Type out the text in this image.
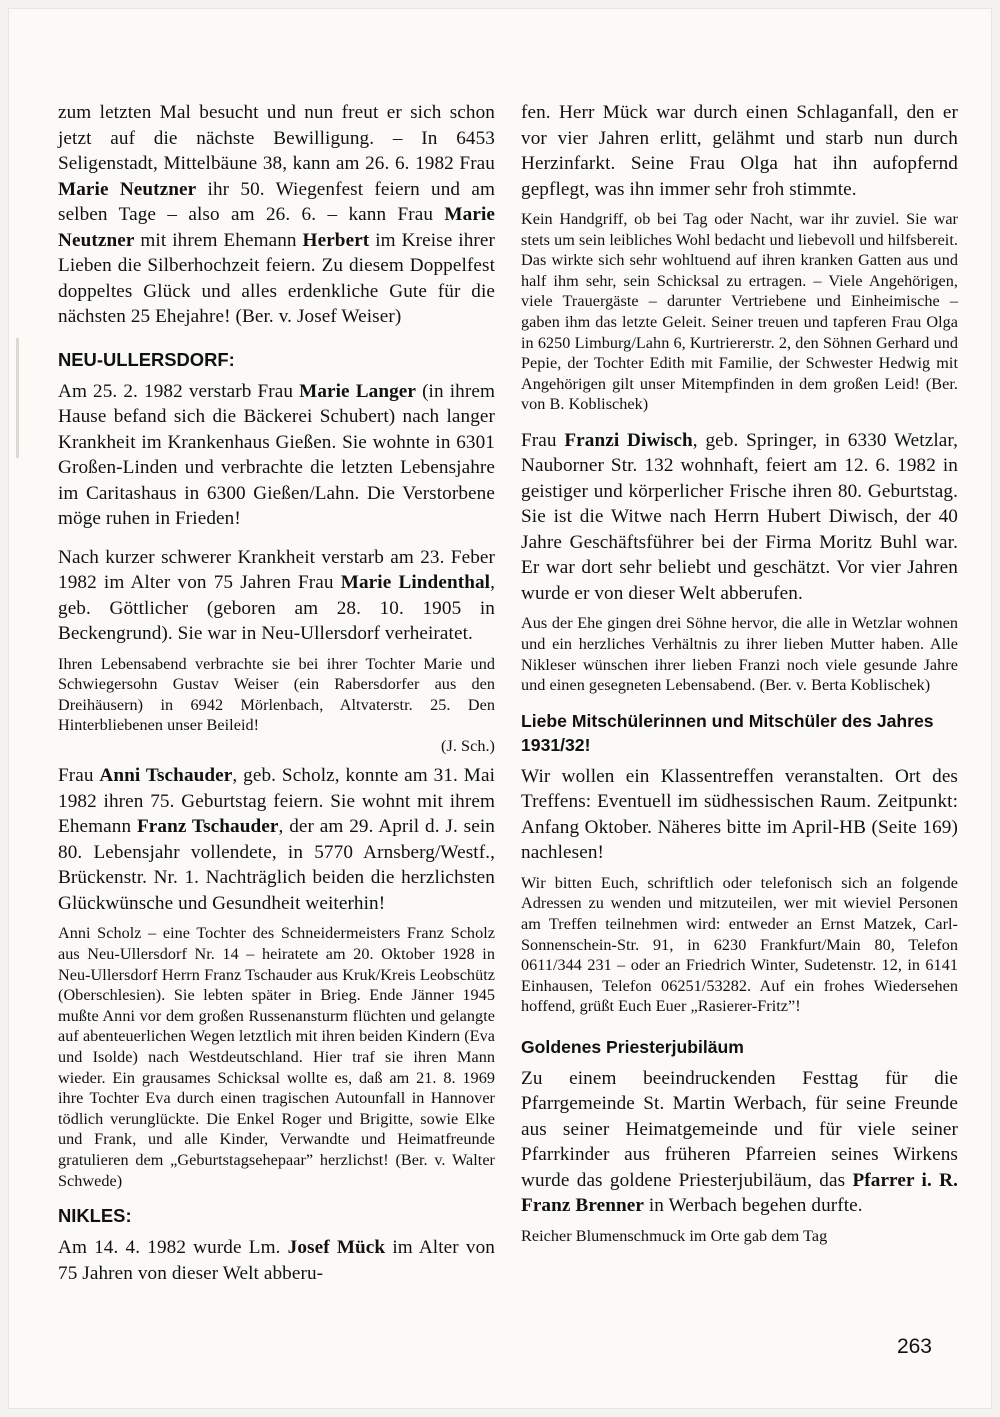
zum letzten Mal besucht und nun freut er sich schon jetzt auf die nächste Bewilligung. – In 6453 Seligenstadt, Mittelbäune 38, kann am 26. 6. 1982 Frau Marie Neutzner ihr 50. Wiegenfest feiern und am selben Tage – also am 26. 6. – kann Frau Marie Neutzner mit ihrem Ehemann Herbert im Kreise ihrer Lieben die Silberhochzeit feiern. Zu diesem Doppelfest doppeltes Glück und alles erdenkliche Gute für die nächsten 25 Ehejahre! (Ber. v. Josef Weiser)

NEU-ULLERSDORF:

Am 25. 2. 1982 verstarb Frau Marie Langer (in ihrem Hause befand sich die Bäckerei Schubert) nach langer Krankheit im Krankenhaus Gießen. Sie wohnte in 6301 Großen-Linden und verbrachte die letzten Lebensjahre im Caritashaus in 6300 Gießen/Lahn. Die Verstorbene möge ruhen in Frieden!

Nach kurzer schwerer Krankheit verstarb am 23. Feber 1982 im Alter von 75 Jahren Frau Marie Lindenthal, geb. Göttlicher (geboren am 28. 10. 1905 in Beckengrund). Sie war in Neu-Ullersdorf verheiratet.

Ihren Lebensabend verbrachte sie bei ihrer Tochter Marie und Schwiegersohn Gustav Weiser (ein Rabersdorfer aus den Dreihäusern) in 6942 Mörlenbach, Altvaterstr. 25. Den Hinterbliebenen unser Beileid!

(J. Sch.)

Frau Anni Tschauder, geb. Scholz, konnte am 31. Mai 1982 ihren 75. Geburtstag feiern. Sie wohnt mit ihrem Ehemann Franz Tschauder, der am 29. April d. J. sein 80. Lebensjahr vollendete, in 5770 Arnsberg/Westf., Brückenstr. Nr. 1. Nachträglich beiden die herzlichsten Glückwünsche und Gesundheit weiterhin!

Anni Scholz – eine Tochter des Schneidermeisters Franz Scholz aus Neu-Ullersdorf Nr. 14 – heiratete am 20. Oktober 1928 in Neu-Ullersdorf Herrn Franz Tschauder aus Kruk/Kreis Leobschütz (Oberschlesien). Sie lebten später in Brieg. Ende Jänner 1945 mußte Anni vor dem großen Russenansturm flüchten und gelangte auf abenteuerlichen Wegen letztlich mit ihren beiden Kindern (Eva und Isolde) nach Westdeutschland. Hier traf sie ihren Mann wieder. Ein grausames Schicksal wollte es, daß am 21. 8. 1969 ihre Tochter Eva durch einen tragischen Autounfall in Hannover tödlich verunglückte. Die Enkel Roger und Brigitte, sowie Elke und Frank, und alle Kinder, Verwandte und Heimatfreunde gratulieren dem „Geburtstagsehepaar” herzlichst! (Ber. v. Walter Schwede)

NIKLES:

Am 14. 4. 1982 wurde Lm. Josef Mück im Alter von 75 Jahren von dieser Welt abberu-

fen. Herr Mück war durch einen Schlaganfall, den er vor vier Jahren erlitt, gelähmt und starb nun durch Herzinfarkt. Seine Frau Olga hat ihn aufopfernd gepflegt, was ihn immer sehr froh stimmte.

Kein Handgriff, ob bei Tag oder Nacht, war ihr zuviel. Sie war stets um sein leibliches Wohl bedacht und liebevoll und hilfsbereit. Das wirkte sich sehr wohltuend auf ihren kranken Gatten aus und half ihm sehr, sein Schicksal zu ertragen. – Viele Angehörigen, viele Trauergäste – darunter Vertriebene und Einheimische – gaben ihm das letzte Geleit. Seiner treuen und tapferen Frau Olga in 6250 Limburg/Lahn 6, Kurtriererstr. 2, den Söhnen Gerhard und Pepie, der Tochter Edith mit Familie, der Schwester Hedwig mit Angehörigen gilt unser Mitempfinden in dem großen Leid! (Ber. von B. Koblischek)

Frau Franzi Diwisch, geb. Springer, in 6330 Wetzlar, Nauborner Str. 132 wohnhaft, feiert am 12. 6. 1982 in geistiger und körperlicher Frische ihren 80. Geburtstag. Sie ist die Witwe nach Herrn Hubert Diwisch, der 40 Jahre Geschäftsführer bei der Firma Moritz Buhl war. Er war dort sehr beliebt und geschätzt. Vor vier Jahren wurde er von dieser Welt abberufen.

Aus der Ehe gingen drei Söhne hervor, die alle in Wetzlar wohnen und ein herzliches Verhältnis zu ihrer lieben Mutter haben. Alle Nikleser wünschen ihrer lieben Franzi noch viele gesunde Jahre und einen gesegneten Lebensabend. (Ber. v. Berta Koblischek)

Liebe Mitschülerinnen und Mitschüler des Jahres 1931/32!

Wir wollen ein Klassentreffen veranstalten. Ort des Treffens: Eventuell im südhessischen Raum. Zeitpunkt: Anfang Oktober. Näheres bitte im April-HB (Seite 169) nachlesen!

Wir bitten Euch, schriftlich oder telefonisch sich an folgende Adressen zu wenden und mitzuteilen, wer mit wieviel Personen am Treffen teilnehmen wird: entweder an Ernst Matzek, Carl-Sonnenschein-Str. 91, in 6230 Frankfurt/Main 80, Telefon 0611/344 231 – oder an Friedrich Winter, Sudetenstr. 12, in 6141 Einhausen, Telefon 06251/53282. Auf ein frohes Wiedersehen hoffend, grüßt Euch Euer „Rasierer-Fritz”!

Goldenes Priesterjubiläum

Zu einem beeindruckenden Festtag für die Pfarrgemeinde St. Martin Werbach, für seine Freunde aus seiner Heimatgemeinde und für viele seiner Pfarrkinder aus früheren Pfarreien seines Wirkens wurde das goldene Priesterjubiläum, das Pfarrer i. R. Franz Brenner in Werbach begehen durfte.

Reicher Blumenschmuck im Orte gab dem Tag

263
